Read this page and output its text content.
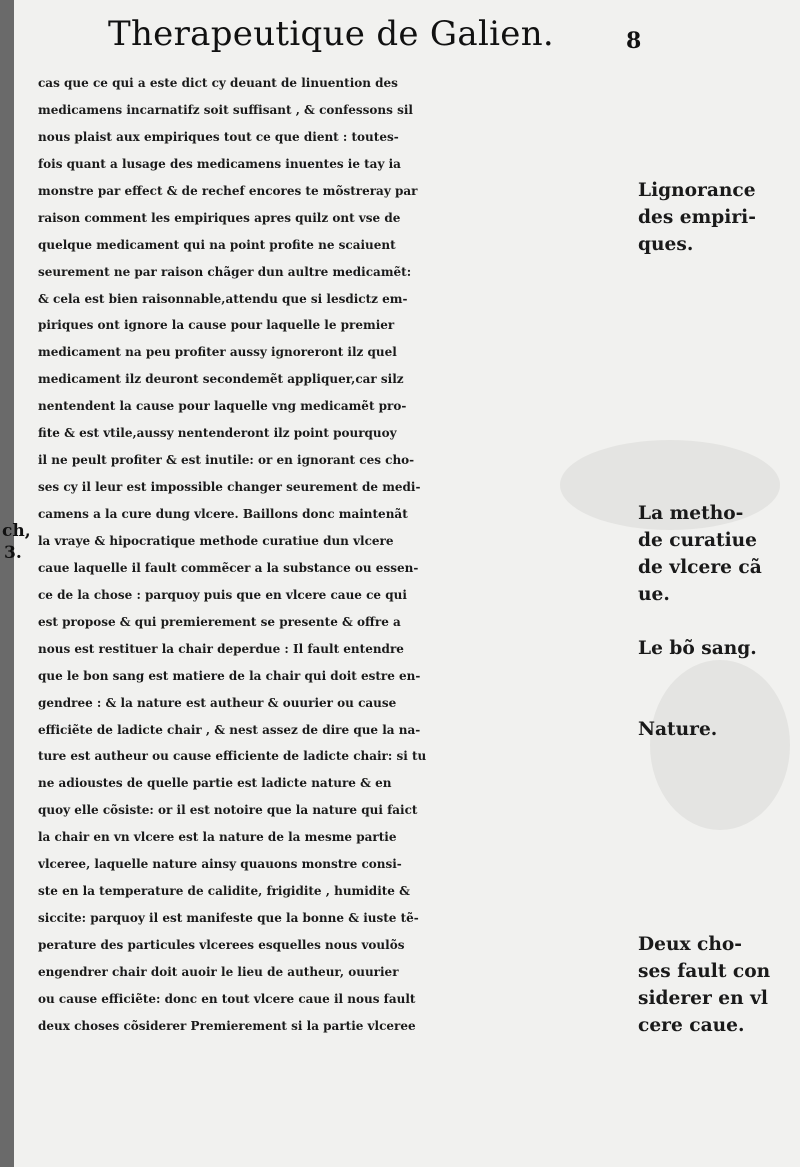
Therapeutique de Galien.	8
cas que ce qui a este dict cy deuant de linuention des
medicamens incarnatifz soit suffisant , & confessons sil
nous plaist aux empiriques tout ce que dient : toutes-
fois quant a lusage des medicamens inuentes ie tay ia
monstre par effect & de rechef encores te mõstreray par
raison comment les empiriques apres quilz ont vse de
quelque medicament qui na point profite ne scaiuent
seurement ne par raison chãger dun aultre medicamẽt:
& cela est bien raisonnable,attendu que si lesdictz em-
piriques ont ignore la cause pour laquelle le premier
medicament na peu profiter aussy ignoreront ilz quel
medicament ilz deuront secondemẽt appliquer,car silz
nentendent la cause pour laquelle vng medicamẽt pro-
fite & est vtile,aussy nentenderont ilz point pourquoy
il ne peult profiter & est inutile: or en ignorant ces cho-
ses cy il leur est impossible changer seurement de medi-
camens a la cure dung vlcere. Baillons donc maintenãt
la vraye & hipocratique methode curatiue dun vlcere
caue laquelle il fault commẽcer a la substance ou essen-
ce de la chose : parquoy puis que en vlcere caue ce qui
est propose & qui premierement se presente & offre a
nous est restituer la chair deperdue : Il fault entendre
que le bon sang est matiere de la chair qui doit estre en-
gendree : & la nature est autheur & ouurier ou cause
efficiẽte de ladicte chair , & nest assez de dire que la na-
ture est autheur ou cause efficiente de ladicte chair: si tu
ne adioustes de quelle partie est ladicte nature & en
quoy elle cõsiste: or il est notoire que la nature qui faict
la chair en vn vlcere est la nature de la mesme partie
vlceree, laquelle nature ainsy quauons monstre consi-
ste en la temperature de calidite, frigidite , humidite &
siccite: parquoy il est manifeste que la bonne & iuste tẽ-
perature des particules vlcerees esquelles nous voulõs
engendrer chair doit auoir le lieu de autheur, ouurier
ou cause efficiẽte: donc en tout vlcere caue il nous fault
deux choses cõsiderer Premierement si la partie vlceree
ch,
3.
Lignorance
des empiri-
ques.
La metho-
de curatiue
de vlcere cã
ue.
Le bõ sang.
Nature.
Deux cho-
ses fault con
siderer en vl
cere caue.
